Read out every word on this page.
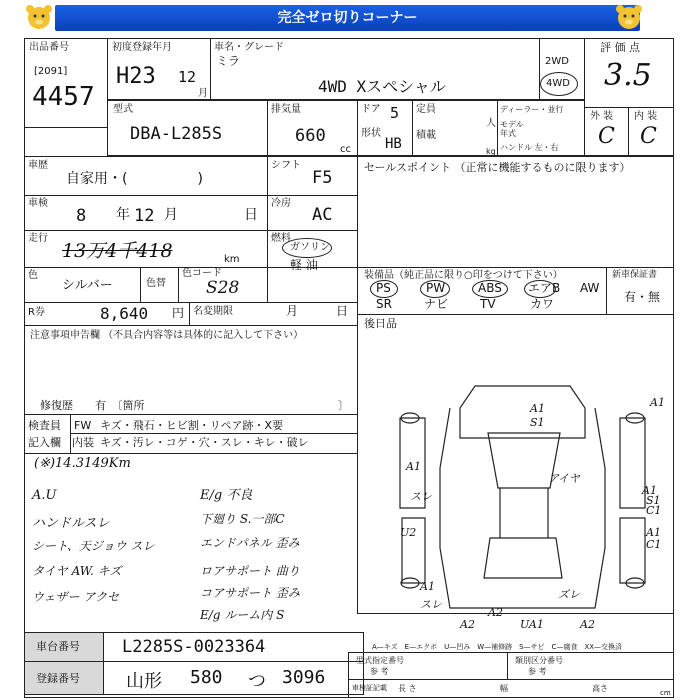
完全ゼロ切りコーナー
出品番号
[2091]
4457
初度登録年月
H23 12
月
車名・グレード
ミラ
4WD Xスペシャル
2WD
4WD
評 価 点
3.5
型式
DBA-L285S
排気量
660
cc
ドア 5
形状
HB
定員
人
積載
kg
ディーラー・並行
モデル年式
ハンドル 左・右
外 装
C
内 装
C
車歴
自家用・(　　　　　)
シフト
F5
車検
8 年 12 月	日
冷房
AC
走行
13万4千418	km
燃料
ガソリン
軽 油
色
シルバー	色替
色コード
S28
R券	8,640 円 名変期限	月	日
セールスポイント （正常に機能するものに限ります）
装備品（純正品に限り○印をつけて下さい）
PS	PW	ABS エアB AW
SR	ナビ	TV	カワ
新車保証書
有・無
後日品
注意事項申告欄 （不具合内容等は具体的に記入して下さい）
修復歴　　有　〔箇所	〕
検査員
記入欄
FW キズ・飛石・ヒビ割・リペア跡・X要
内装 キズ・汚レ・コゲ・穴・スレ・キレ・破レ
(※)14.3149Km
A.U
ハンドルスレ
シート、天ジョウ スレ
タイヤ AW. キズ
ウェザー アクセ
E/g 不良
下廻り S.一部C
エンドパネル 歪み
ロアサポート 曲り
コアサポート 歪み
E/g ルーム内 S
A1	A1
A1
A1
A1
U2	A1
A2	A2
A2
UA1
S1
S1
C1
C1
スレ
スレ
アイヤ
ズレ
A—キズ　E—エクボ　U—凹み　W—補修跡　S—サビ　C—腐食　XX—交換済
車台番号 L2285S-0023364
登録番号	山形 580 つ 3096
型式指定番号
参 考
類別区分番号
参 考
車検証記載 長 さ	幅	高さ	cm
